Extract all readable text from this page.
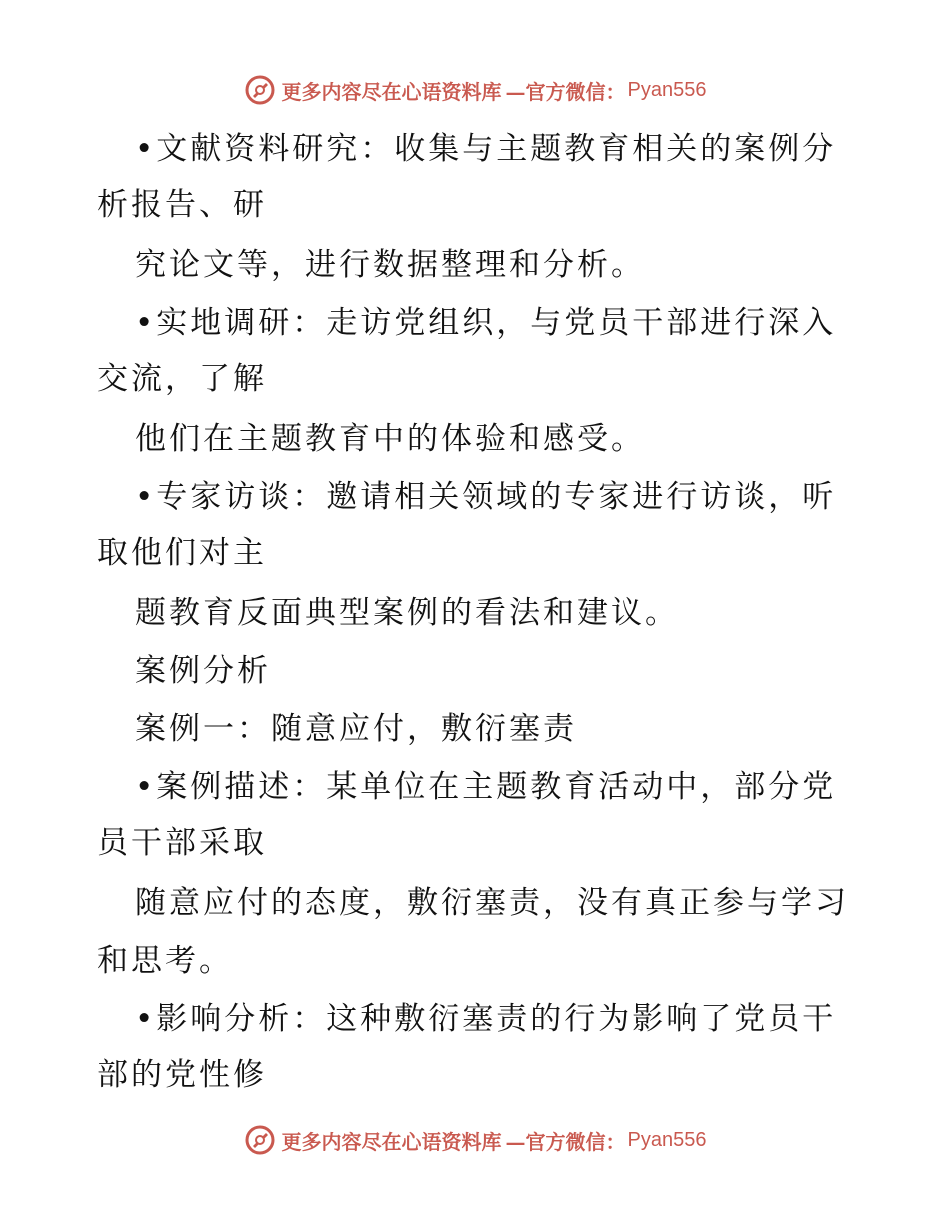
更多内容尽在心语资料库 —官方微信： Pyan556
•文献资料研究：收集与主题教育相关的案例分
析报告、研
究论文等，进行数据整理和分析。
•实地调研：走访党组织，与党员干部进行深入
交流，了解
他们在主题教育中的体验和感受。
•专家访谈：邀请相关领域的专家进行访谈，听
取他们对主
题教育反面典型案例的看法和建议。
案例分析
案例一：随意应付，敷衍塞责
•案例描述：某单位在主题教育活动中，部分党
员干部采取
随意应付的态度，敷衍塞责，没有真正参与学习
和思考。
•影响分析：这种敷衍塞责的行为影响了党员干
部的党性修
更多内容尽在心语资料库 —官方微信： Pyan556
